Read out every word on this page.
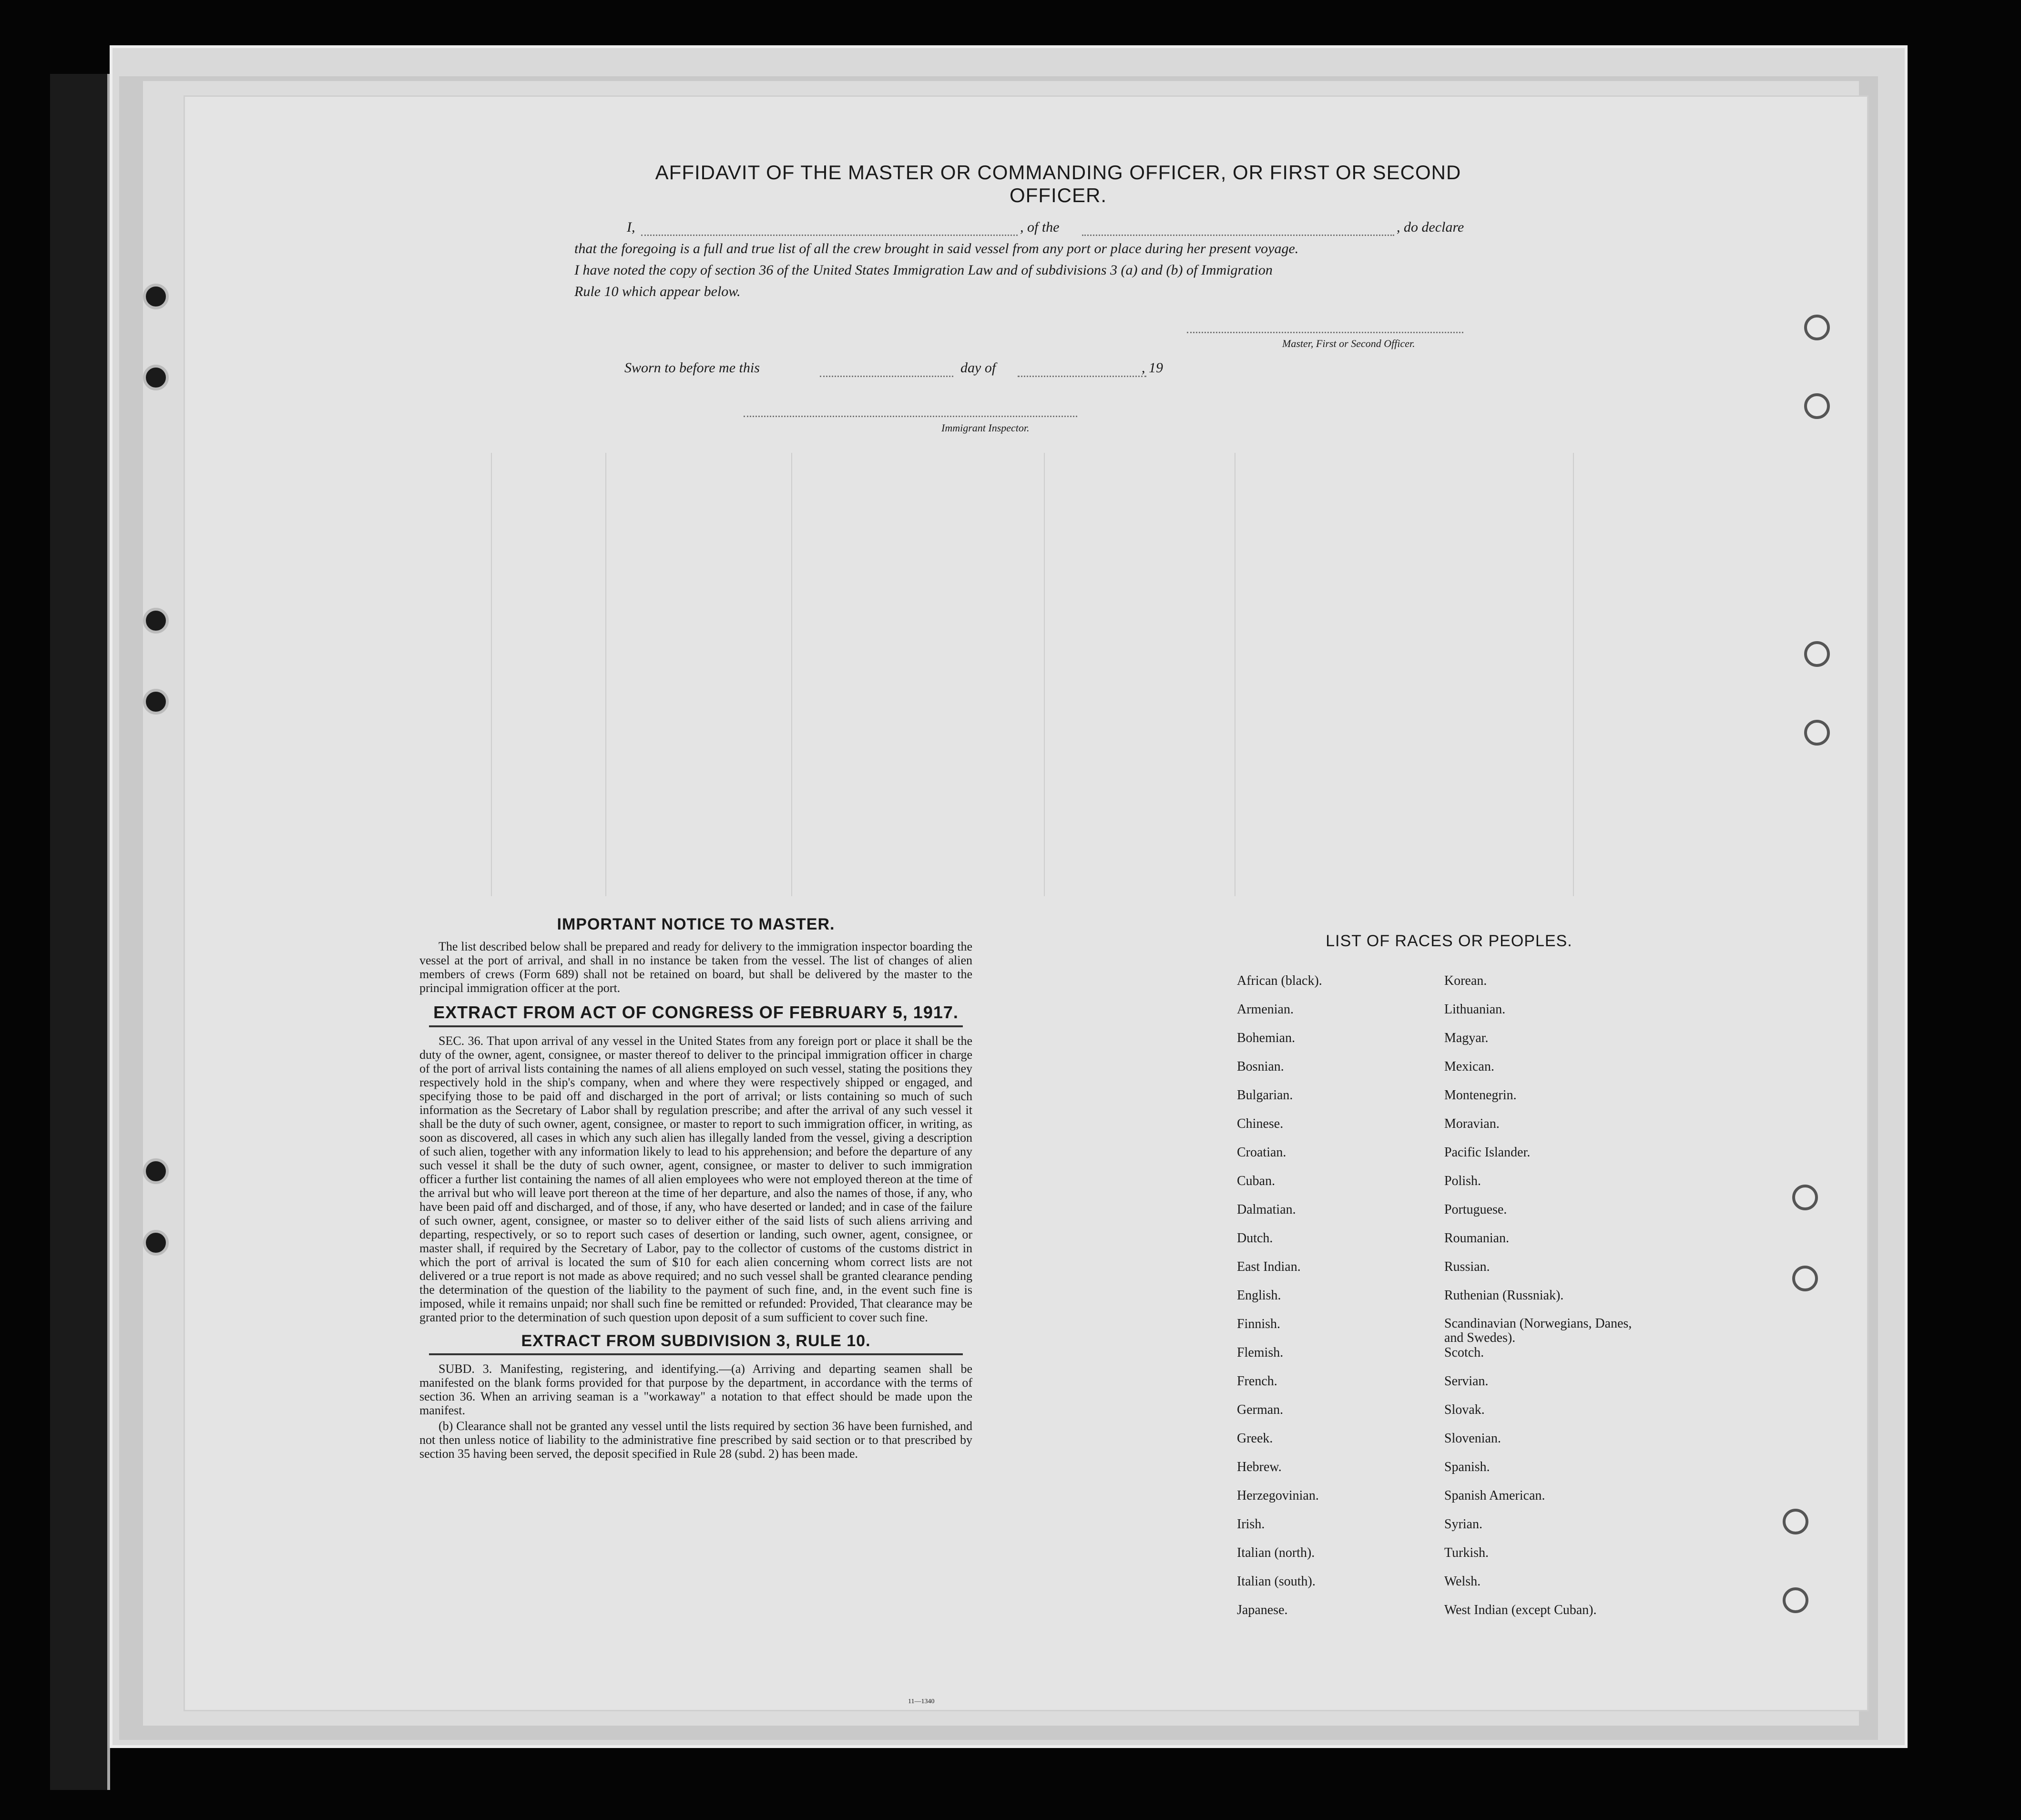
AFFIDAVIT OF THE MASTER OR COMMANDING OFFICER, OR FIRST OR SECOND OFFICER.
I,	, of the	, do declare
that the foregoing is a full and true list of all the crew brought in said vessel from any port or place during her present voyage.
I have noted the copy of section 36 of the United States Immigration Law and of subdivisions 3 (a) and (b) of Immigration
Rule 10 which appear below.
Master, First or Second Officer.
Sworn to before me this	day of	, 19
Immigrant Inspector.
IMPORTANT NOTICE TO MASTER.

The list described below shall be prepared and ready for delivery to the immigration inspector boarding the vessel at the port of arrival, and shall in no instance be taken from the vessel. The list of changes of alien members of crews (Form 689) shall not be retained on board, but shall be delivered by the master to the principal immigration officer at the port.

EXTRACT FROM ACT OF CONGRESS OF FEBRUARY 5, 1917.

SEC. 36. That upon arrival of any vessel in the United States from any foreign port or place it shall be the duty of the owner, agent, consignee, or master thereof to deliver to the principal immigration officer in charge of the port of arrival lists containing the names of all aliens employed on such vessel, stating the positions they respectively hold in the ship's company, when and where they were respectively shipped or engaged, and specifying those to be paid off and discharged in the port of arrival; or lists containing so much of such information as the Secretary of Labor shall by regulation prescribe; and after the arrival of any such vessel it shall be the duty of such owner, agent, consignee, or master to report to such immigration officer, in writing, as soon as discovered, all cases in which any such alien has illegally landed from the vessel, giving a description of such alien, together with any information likely to lead to his apprehension; and before the departure of any such vessel it shall be the duty of such owner, agent, consignee, or master to deliver to such immigration officer a further list containing the names of all alien employees who were not employed thereon at the time of the arrival but who will leave port thereon at the time of her departure, and also the names of those, if any, who have been paid off and discharged, and of those, if any, who have deserted or landed; and in case of the failure of such owner, agent, consignee, or master so to deliver either of the said lists of such aliens arriving and departing, respectively, or so to report such cases of desertion or landing, such owner, agent, consignee, or master shall, if required by the Secretary of Labor, pay to the collector of customs of the customs district in which the port of arrival is located the sum of $10 for each alien concerning whom correct lists are not delivered or a true report is not made as above required; and no such vessel shall be granted clearance pending the determination of the question of the liability to the payment of such fine, and, in the event such fine is imposed, while it remains unpaid; nor shall such fine be remitted or refunded: Provided, That clearance may be granted prior to the determination of such question upon deposit of a sum sufficient to cover such fine.

EXTRACT FROM SUBDIVISION 3, RULE 10.

SUBD. 3. Manifesting, registering, and identifying.—(a) Arriving and departing seamen shall be manifested on the blank forms provided for that purpose by the department, in accordance with the terms of section 36. When an arriving seaman is a "workaway" a notation to that effect should be made upon the manifest.

(b) Clearance shall not be granted any vessel until the lists required by section 36 have been furnished, and not then unless notice of liability to the administrative fine prescribed by said section or to that prescribed by section 35 having been served, the deposit specified in Rule 28 (subd. 2) has been made.

11—1340
LIST OF RACES OR PEOPLES.
African (black).
Armenian.
Bohemian.
Bosnian.
Bulgarian.
Chinese.
Croatian.
Cuban.
Dalmatian.
Dutch.
East Indian.
English.
Finnish.
Flemish.
French.
German.
Greek.
Hebrew.
Herzegovinian.
Irish.
Italian (north).
Italian (south).
Japanese.
Korean.
Lithuanian.
Magyar.
Mexican.
Montenegrin.
Moravian.
Pacific Islander.
Polish.
Portuguese.
Roumanian.
Russian.
Ruthenian (Russniak).
Scandinavian (Norwegians, Danes, and Swedes).
Scotch.
Servian.
Slovak.
Slovenian.
Spanish.
Spanish American.
Syrian.
Turkish.
Welsh.
West Indian (except Cuban).
